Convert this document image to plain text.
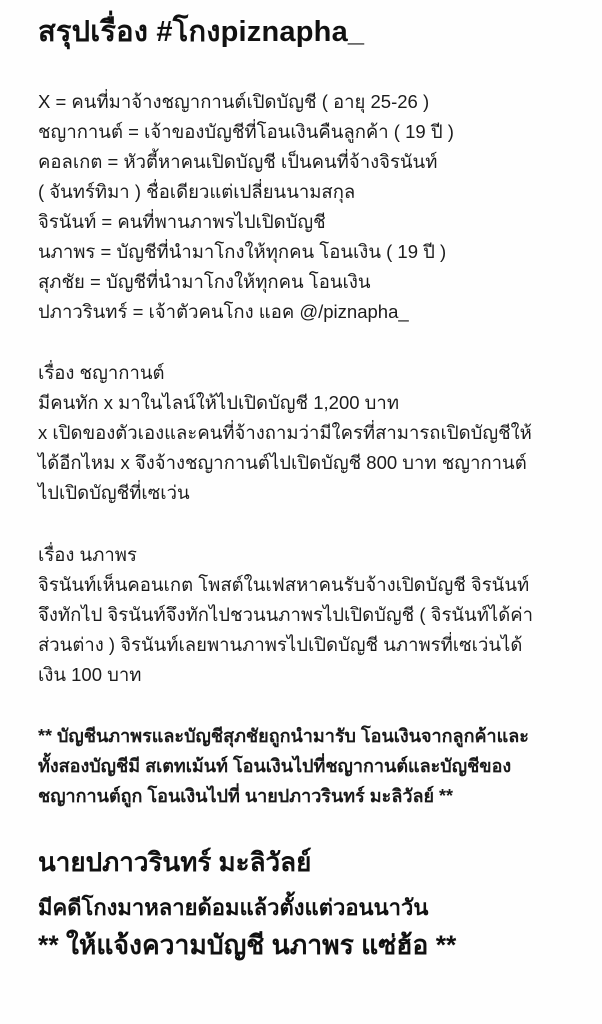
สรุปเรื่อง #โกงpiznapha_
X = คนที่มาจ้างชญากานต์เปิดบัญชี ( อายุ 25-26 )
ชญากานต์ = เจ้าของบัญชีที่โอนเงินคืนลูกค้า ( 19 ปี )
คอลเกต = หัวตี้หาคนเปิดบัญชี เป็นคนที่จ้างจิรนันท์
( จันทร์ทิมา ) ชื่อเดียวแต่เปลี่ยนนามสกุล
จิรนันท์ = คนที่พานภาพรไปเปิดบัญชี
นภาพร = บัญชีที่นำมาโกงให้ทุกคน โอนเงิน ( 19 ปี )
สุภชัย = บัญชีที่นำมาโกงให้ทุกคน โอนเงิน
ปภาวรินทร์ = เจ้าตัวคนโกง แอค @/piznapha_
เรื่อง ชญากานต์
มีคนทัก x มาในไลน์ให้ไปเปิดบัญชี 1,200 บาท
x เปิดของตัวเองและคนที่จ้างถามว่ามีใครที่สามารถเปิดบัญชีให้
ได้อีกไหม x จึงจ้างชญากานต์ไปเปิดบัญชี 800 บาท ชญากานต์
ไปเปิดบัญชีที่เซเว่น
เรื่อง นภาพร
จิรนันท์เห็นคอนเกต โพสต์ในเฟสหาคนรับจ้างเปิดบัญชี จิรนันท์
จึงทักไป จิรนันท์จึงทักไปชวนนภาพรไปเปิดบัญชี ( จิรนันท์ได้ค่า
ส่วนต่าง ) จิรนันท์เลยพานภาพรไปเปิดบัญชี นภาพรที่เซเว่นได้
เงิน 100 บาท
** บัญชีนภาพรและบัญชีสุภชัยถูกนำมารับ โอนเงินจากลูกค้าและ
ทั้งสองบัญชีมี สเตทเม้นท์ โอนเงินไปที่ชญากานต์และบัญชีของ
ชญากานต์ถูก โอนเงินไปที่ นายปภาวรินทร์ มะลิวัลย์ **
นายปภาวรินทร์ มะลิวัลย์
มีคดีโกงมาหลายด้อมแล้วตั้งแต่วอนนาวัน
** ให้แจ้งความบัญชี นภาพร แซ่ฮ้อ **
